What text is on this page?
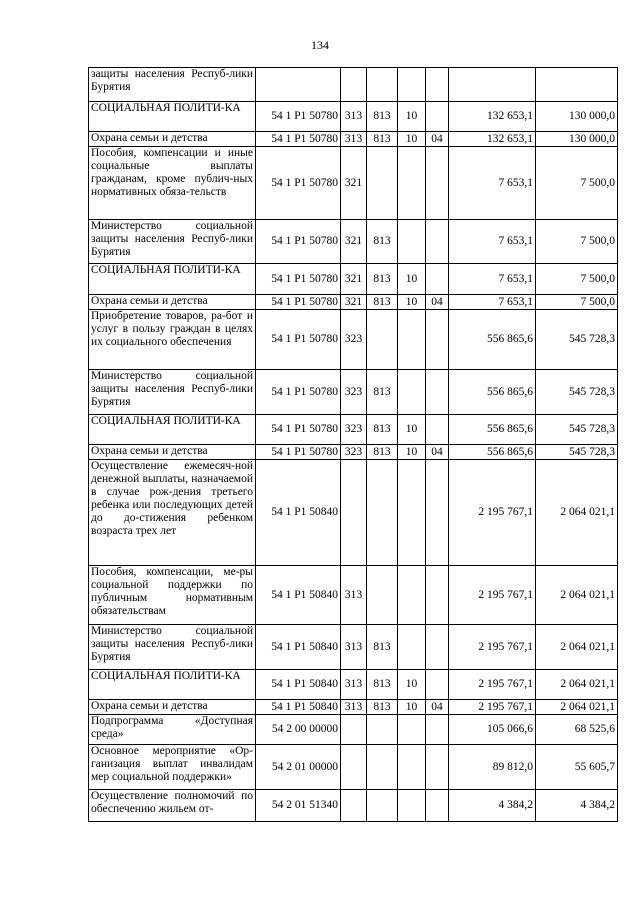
134
защиты населения Респуб-лики Бурятия							
СОЦИАЛЬНАЯ ПОЛИТИ-КА	54 1 Р1 50780	313	813	10		132 653,1	130 000,0
Охрана семьи и детства	54 1 Р1 50780	313	813	10	04	132 653,1	130 000,0
Пособия, компенсации и иные социальные выплаты гражданам, кроме публич-ных нормативных обяза-тельств	54 1 Р1 50780	321				7 653,1	7 500,0
Министерство социальной защиты населения Респуб-лики Бурятия	54 1 Р1 50780	321	813			7 653,1	7 500,0
СОЦИАЛЬНАЯ ПОЛИТИ-КА	54 1 Р1 50780	321	813	10		7 653,1	7 500,0
Охрана семьи и детства	54 1 Р1 50780	321	813	10	04	7 653,1	7 500,0
Приобретение товаров, ра-бот и услуг в пользу граждан в целях их социального обеспечения	54 1 Р1 50780	323				556 865,6	545 728,3
Министерство социальной защиты населения Респуб-лики Бурятия	54 1 Р1 50780	323	813			556 865,6	545 728,3
СОЦИАЛЬНАЯ ПОЛИТИ-КА	54 1 Р1 50780	323	813	10		556 865,6	545 728,3
Охрана семьи и детства	54 1 Р1 50780	323	813	10	04	556 865,6	545 728,3
Осуществление ежемесяч-ной денежной выплаты, назначаемой в случае рож-дения третьего ребенка или последующих детей до до-стижения ребенком возраста трех лет	54 1 Р1 50840					2 195 767,1	2 064 021,1
Пособия, компенсации, ме-ры социальной поддержки по публичным нормативным обязательствам	54 1 Р1 50840	313				2 195 767,1	2 064 021,1
Министерство социальной защиты населения Респуб-лики Бурятия	54 1 Р1 50840	313	813			2 195 767,1	2 064 021,1
СОЦИАЛЬНАЯ ПОЛИТИ-КА	54 1 Р1 50840	313	813	10		2 195 767,1	2 064 021,1
Охрана семьи и детства	54 1 Р1 50840	313	813	10	04	2 195 767,1	2 064 021,1
Подпрограмма «Доступная среда»	54 2 00 00000					105 066,6	68 525,6
Основное мероприятие «Ор-ганизация выплат инвалидам мер социальной поддержки»	54 2 01 00000					89 812,0	55 605,7
Осуществление полномочий по обеспечению жильем от-	54 2 01 51340					4 384,2	4 384,2
